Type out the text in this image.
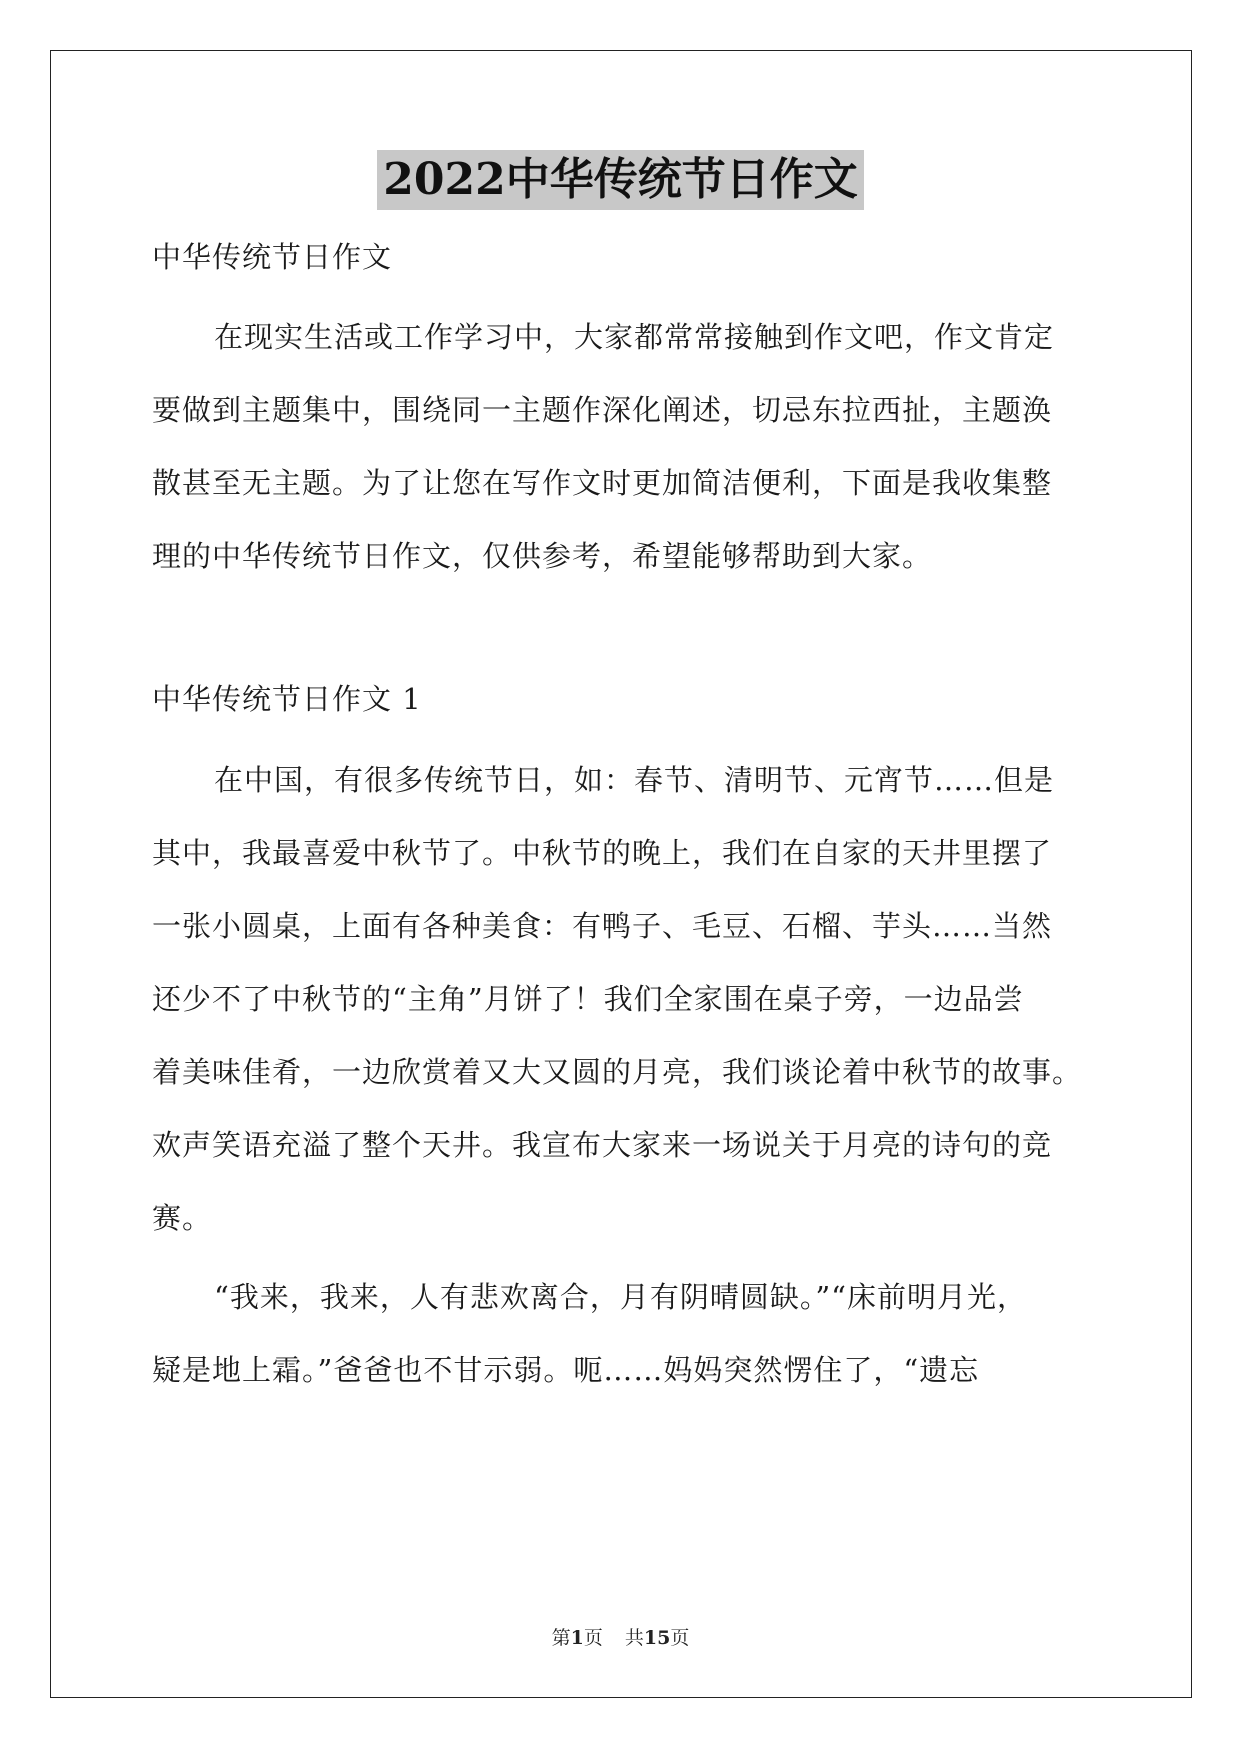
2022中华传统节日作文

中华传统节日作文

在现实生活或工作学习中，大家都常常接触到作文吧，作文肯定

要做到主题集中，围绕同一主题作深化阐述，切忌东拉西扯，主题涣

散甚至无主题。为了让您在写作文时更加简洁便利，下面是我收集整

理的中华传统节日作文，仅供参考，希望能够帮助到大家。

中华传统节日作文 1

在中国，有很多传统节日，如：春节、清明节、元宵节……但是

其中，我最喜爱中秋节了。中秋节的晚上，我们在自家的天井里摆了

一张小圆桌，上面有各种美食：有鸭子、毛豆、石榴、芋头……当然

还少不了中秋节的“主角”月饼了！我们全家围在桌子旁，一边品尝

着美味佳肴，一边欣赏着又大又圆的月亮，我们谈论着中秋节的故事。

欢声笑语充溢了整个天井。我宣布大家来一场说关于月亮的诗句的竞

赛。

“我来，我来，人有悲欢离合，月有阴晴圆缺。”“床前明月光，

疑是地上霜。”爸爸也不甘示弱。呃……妈妈突然愣住了，“遗忘

第1页 共15页
